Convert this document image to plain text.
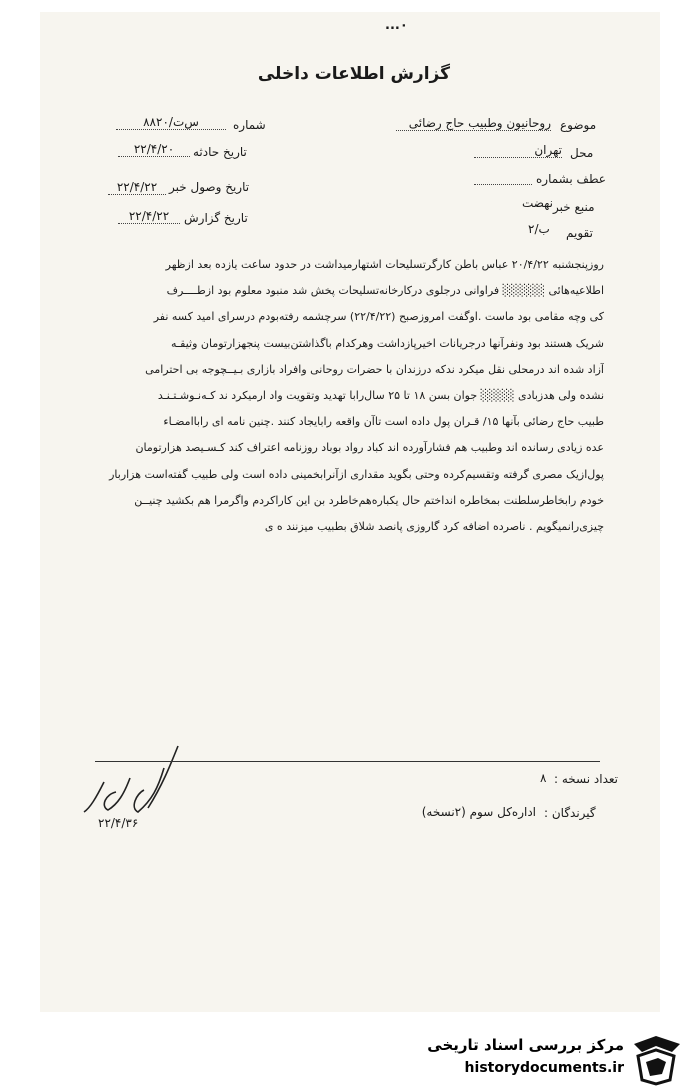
...۰
گزارش اطلاعات داخلی
موضوع
روحانیون وطبیب حاج رضائی
محل
تهران
عطف بشماره
منبع خبر
نهضت
تقویم
ب/۲
شماره
۸۸۲۰/س‌ت
تاریخ حادثه
۲۲/۴/۲۰
تاریخ وصول خبر
۲۲/۴/۲۲
تاریخ گزارش
۲۲/۴/۲۲
روزپنجشنبه ۲۰/۴/۲۲ عباس باطن کارگرتسلیحات اشتهارمیداشت در حدود ساعت یازده بعد ازظهر
اطلاعیه‌هائی ░░░░░ فراوانی درجلوی درکارخانه‌تسلیحات پخش شد منبود معلوم بود ازطــــرف
کی وچه مقامی بود ماست .اوگفت امروزصبح (۲۲/۴/۲۲) سرچشمه رفته‌بودم درسرای امید کسه نفر
شریک هستند بود ونفرآنها درجریانات اخیرپازداشت وهرکدام باگذاشتن‌بیست پنجهزارتومان وثیقـه
آزاد شده اند درمحلی نقل میکرد ندکه درزندان با حضرات روحانی وافراد بازاری بـیــچوجه بی احترامی
نشده ولی هدزبادی ░░░░ جوان بسن ۱۸ تا ۲۵ سال‌رابا تهدید وتقویت واد ارمیکرد ند کـه‌نـوشـتـنـد
طبیب حاج رضائی بآنها ۱۵/ قـران پول داده است تاآن واقعه رابایجاد کنند .چنین نامه ای راباامضـاء
عده زیادی رسانده اند وطبیب هم فشارآورده اند کباد رواد بوباد روزنامه اعتراف کند کـسـیصد هزارتومان
پول‌ازیک مصری گرفته وتقسیم‌کرده وحتی بگوید مقداری ازآنرابخمینی داده است ولی طبیب گفته‌است هزاربار
خودم رابخاطرسلطنت بمخاطره انداختم حال یکباره‌هم‌خاطرد بن این کاراکردم واگرمرا هم بکشید چنیــن
چیزی‌رانمیگویم . ناصرده اضافه کرد گاروزی پانصد شلاق بطبیب میزنند ه ی
۲۲/۴/۳۶
تعداد نسخه :
۸
گیرندگان :
اداره‌کل سوم (۲نسخه)
مرکز بررسی اسناد تاریخی
historydocuments.ir
